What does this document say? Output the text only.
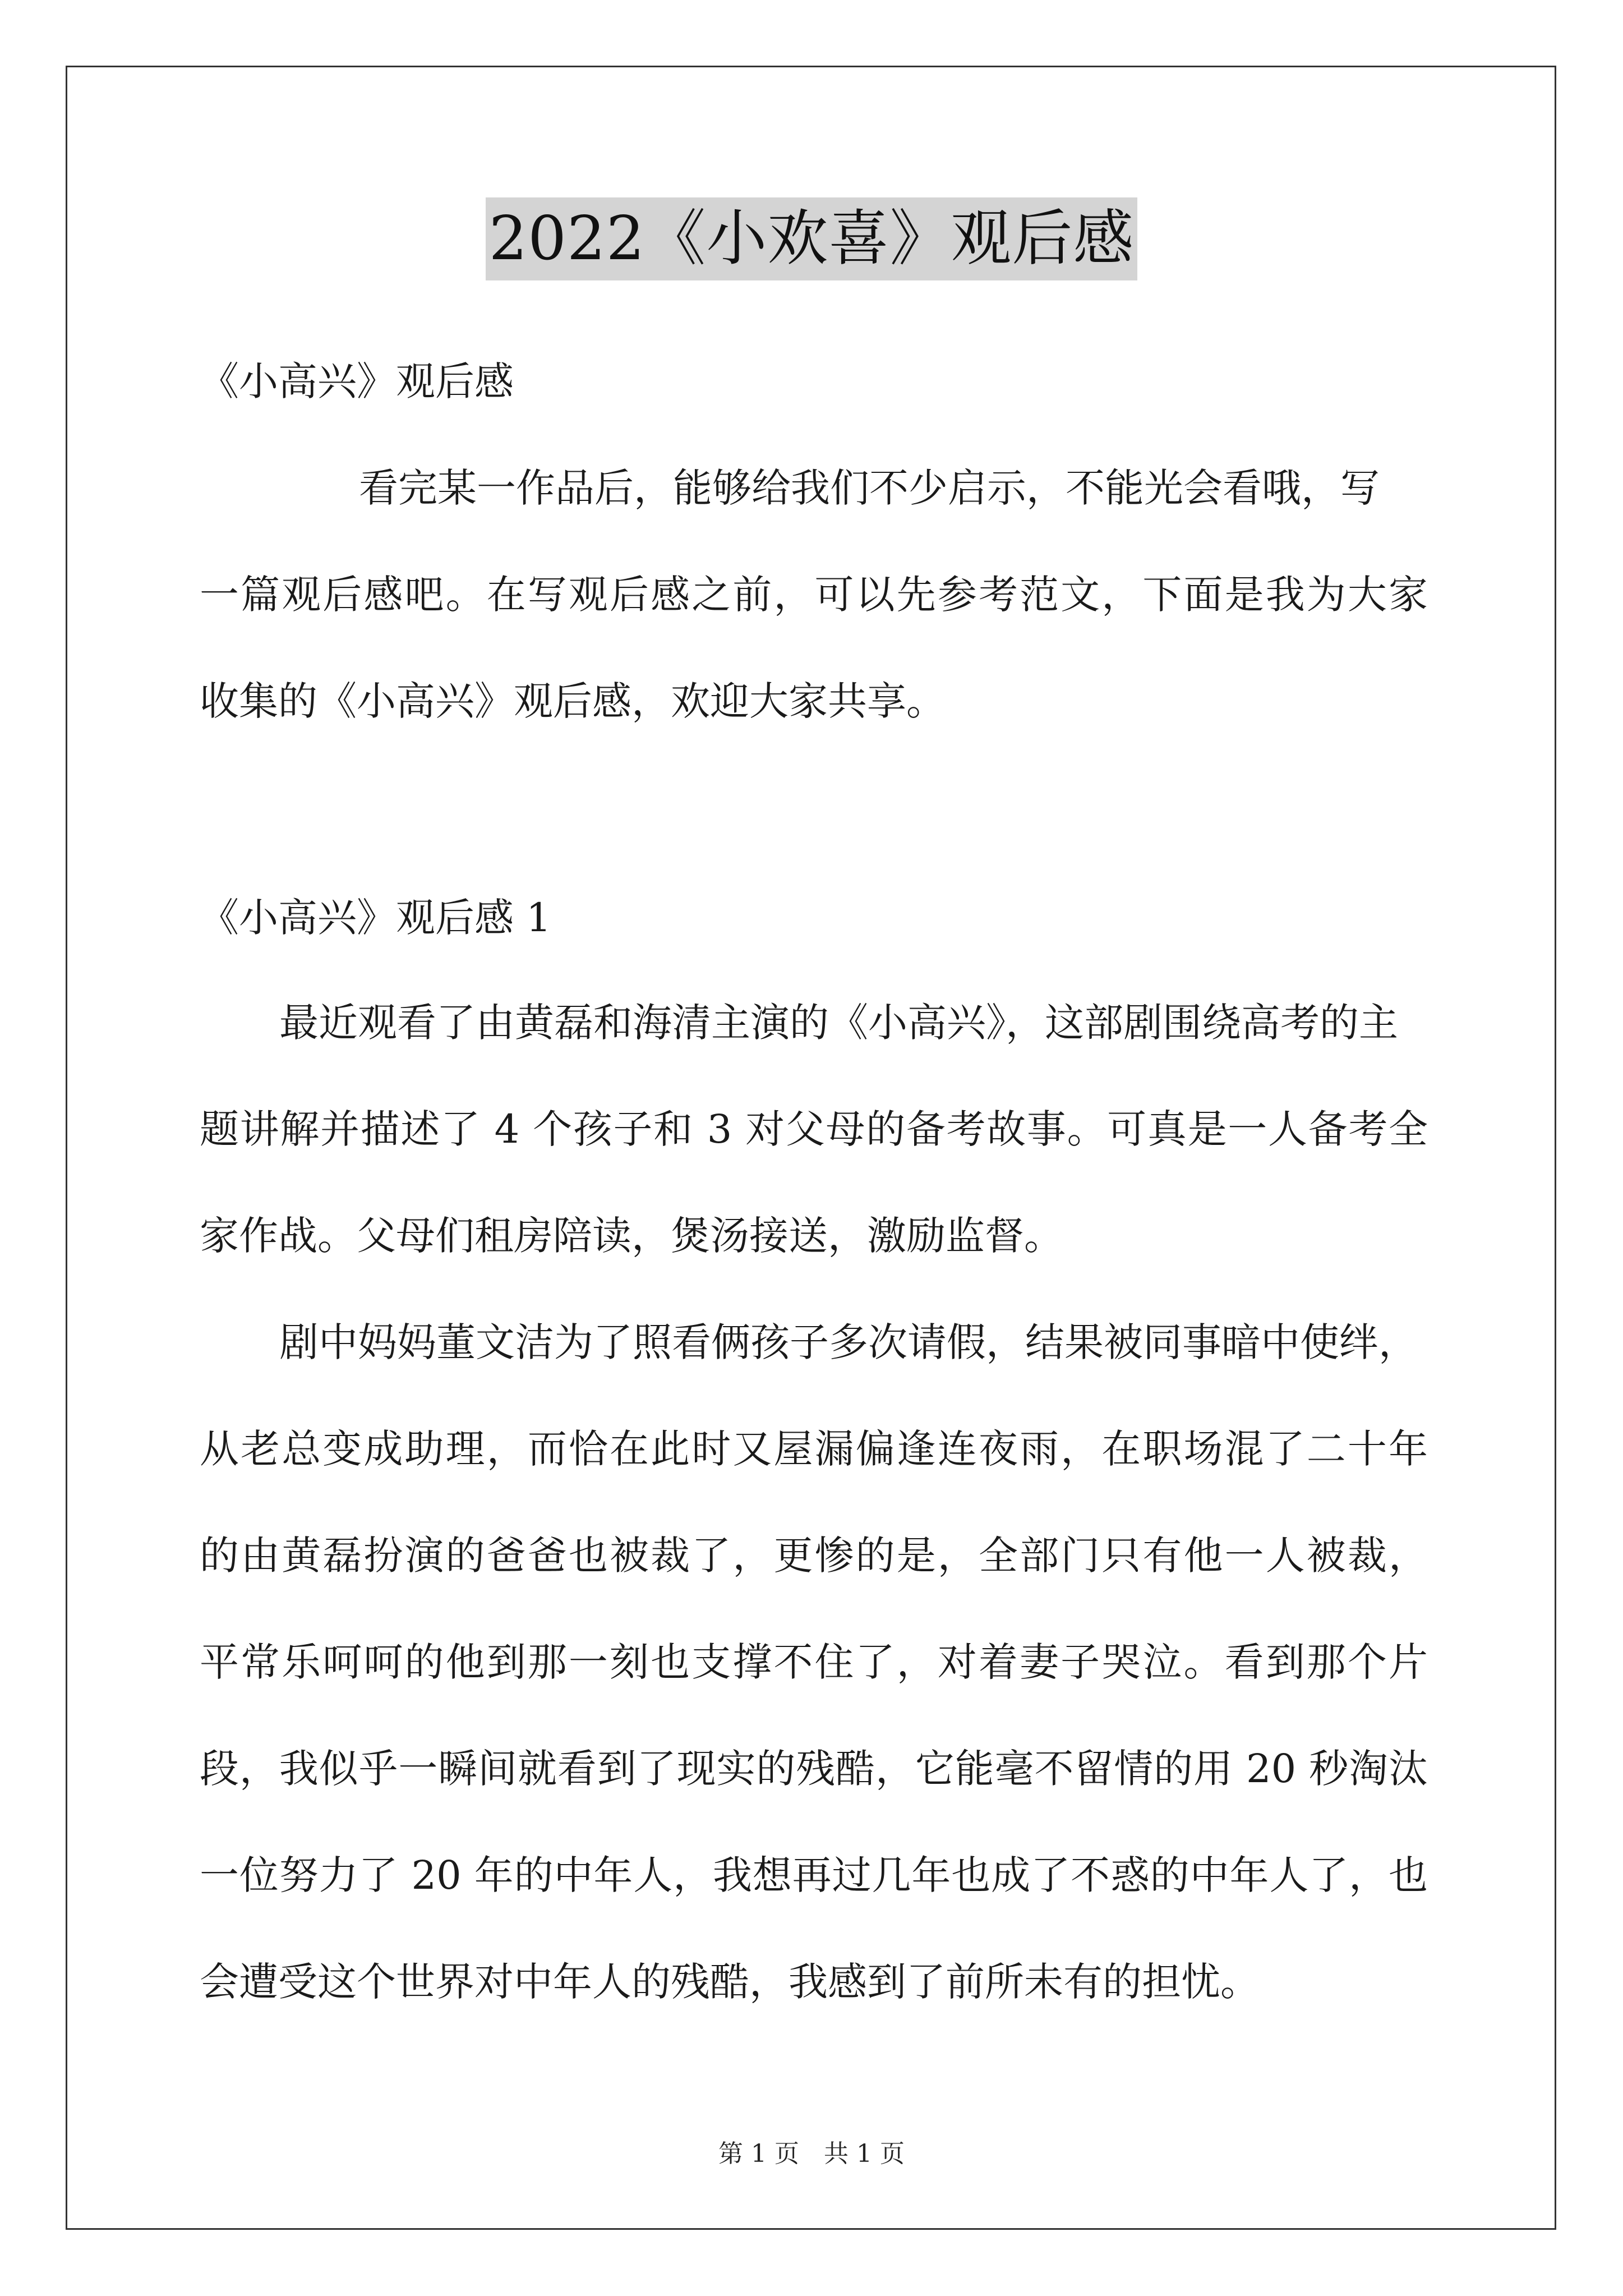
2022《小欢喜》观后感
《小高兴》观后感
看完某一作品后，能够给我们不少启示，不能光会看哦，写
一篇观后感吧。在写观后感之前，可以先参考范文，下面是我为大家
收集的《小高兴》观后感，欢迎大家共享。
《小高兴》观后感 1
最近观看了由黄磊和海清主演的《小高兴》，这部剧围绕高考的主
题讲解并描述了 4 个孩子和 3 对父母的备考故事。可真是一人备考全
家作战。父母们租房陪读，煲汤接送，激励监督。
剧中妈妈董文洁为了照看俩孩子多次请假，结果被同事暗中使绊，
从老总变成助理，而恰在此时又屋漏偏逢连夜雨，在职场混了二十年
的由黄磊扮演的爸爸也被裁了，更惨的是，全部门只有他一人被裁，
平常乐呵呵的他到那一刻也支撑不住了，对着妻子哭泣。看到那个片
段，我似乎一瞬间就看到了现实的残酷，它能毫不留情的用 20 秒淘汰
一位努力了 20 年的中年人，我想再过几年也成了不惑的中年人了，也
会遭受这个世界对中年人的残酷，我感到了前所未有的担忧。
第 1 页　共 1 页
